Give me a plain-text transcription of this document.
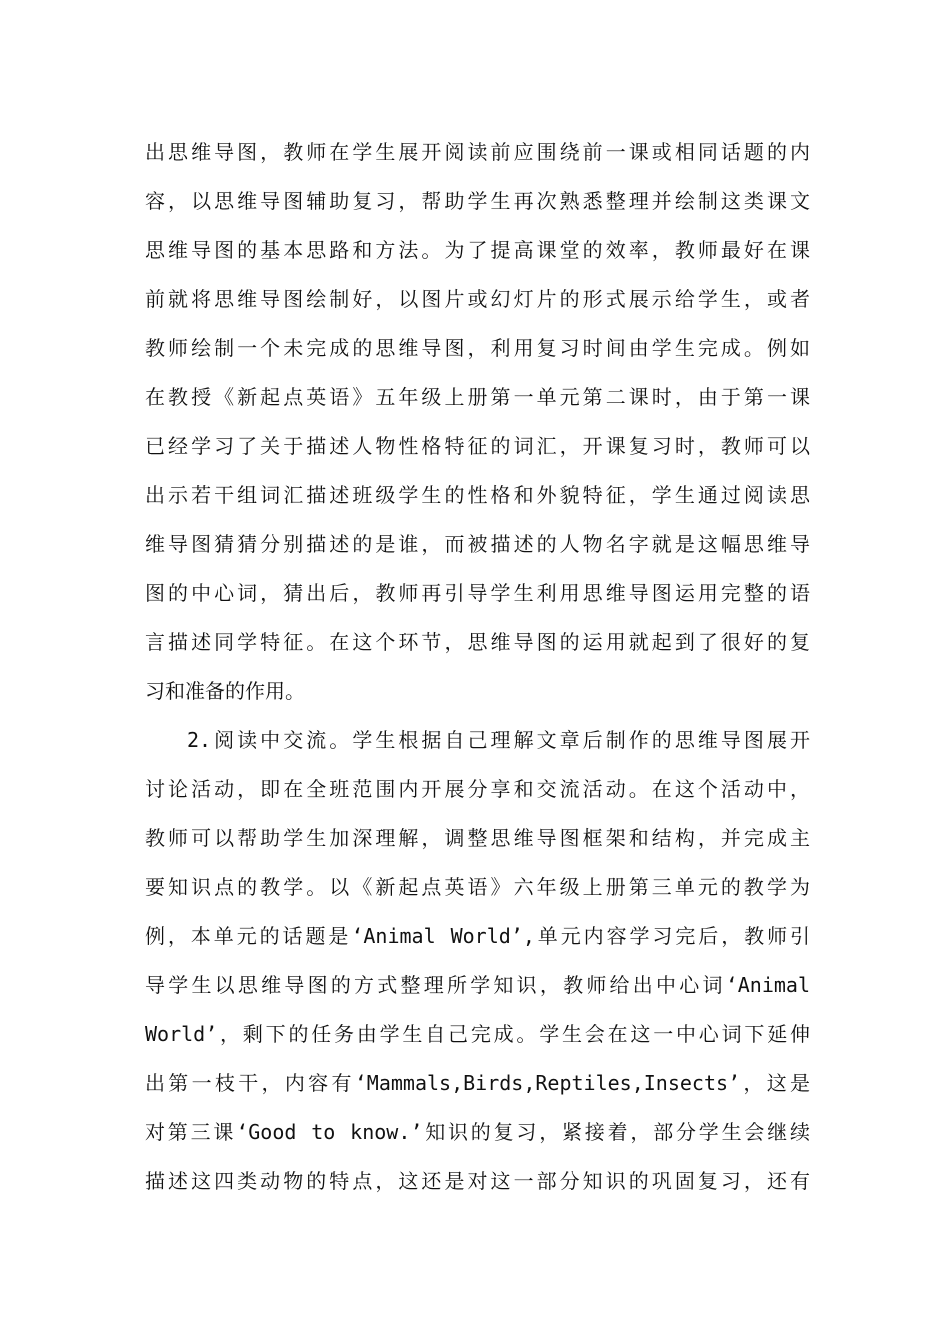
出思维导图，教师在学生展开阅读前应围绕前一课或相同话题的内
容，以思维导图辅助复习，帮助学生再次熟悉整理并绘制这类课文
思维导图的基本思路和方法。为了提高课堂的效率，教师最好在课
前就将思维导图绘制好，以图片或幻灯片的形式展示给学生，或者
教师绘制一个未完成的思维导图，利用复习时间由学生完成。例如
在教授《新起点英语》五年级上册第一单元第二课时，由于第一课
已经学习了关于描述人物性格特征的词汇，开课复习时，教师可以
出示若干组词汇描述班级学生的性格和外貌特征，学生通过阅读思
维导图猜猜分别描述的是谁，而被描述的人物名字就是这幅思维导
图的中心词，猜出后，教师再引导学生利用思维导图运用完整的语
言描述同学特征。在这个环节，思维导图的运用就起到了很好的复
习和准备的作用。
2.阅读中交流。学生根据自己理解文章后制作的思维导图展开
讨论活动，即在全班范围内开展分享和交流活动。在这个活动中，
教师可以帮助学生加深理解，调整思维导图框架和结构，并完成主
要知识点的教学。以《新起点英语》六年级上册第三单元的教学为
例，本单元的话题是‘Animal World’,单元内容学习完后，教师引
导学生以思维导图的方式整理所学知识，教师给出中心词‘Animal
World’，剩下的任务由学生自己完成。学生会在这一中心词下延伸
出第一枝干，内容有‘Mammals,Birds,Reptiles,Insects’，这是
对第三课‘Good to know.’知识的复习，紧接着，部分学生会继续
描述这四类动物的特点，这还是对这一部分知识的巩固复习，还有
